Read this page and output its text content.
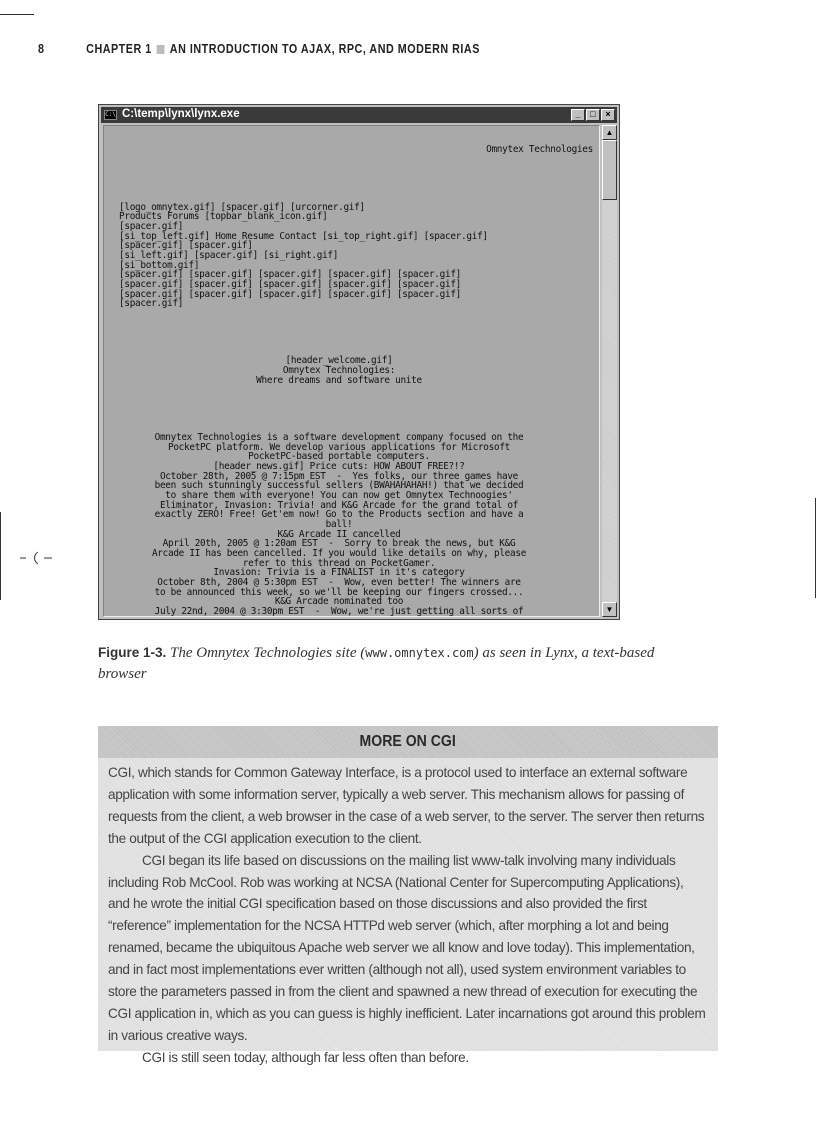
8	CHAPTER 1 AN INTRODUCTION TO AJAX, RPC, AND MODERN RIAS
C:\ C:\temp\lynx\lynx.exe	_	□	×

Omnytex Technologies

[logo_omnytex.gif] [spacer.gif] [urcorner.gif]
Products Forums [topbar_blank_icon.gif]
[spacer.gif]
[si_top_left.gif] Home Resume Contact [si_top_right.gif] [spacer.gif]
[spacer.gif] [spacer.gif]
[si_left.gif] [spacer.gif] [si_right.gif]
[si_bottom.gif]
[spacer.gif] [spacer.gif] [spacer.gif] [spacer.gif] [spacer.gif]
[spacer.gif] [spacer.gif] [spacer.gif] [spacer.gif] [spacer.gif]
[spacer.gif] [spacer.gif] [spacer.gif] [spacer.gif] [spacer.gif]
[spacer.gif]

[header_welcome.gif]
Omnytex Technologies:
Where dreams and software unite

Omnytex Technologies is a software development company focused on the
PocketPC platform. We develop various applications for Microsoft
PocketPC-based portable computers.
[header_news.gif] Price cuts: HOW ABOUT FREE?!?
October 28th, 2005 @ 7:15pm EST  -  Yes folks, our three games have
been such stunningly successful sellers (BWAHAHAHAH!) that we decided
to share them with everyone! You can now get Omnytex Technoogies'
Eliminator, Invasion: Trivia! and K&G Arcade for the grand total of
exactly ZERO! Free! Get'em now! Go to the Products section and have a
ball!
K&G Arcade II cancelled
April 20th, 2005 @ 1:20am EST  -  Sorry to break the news, but K&G
Arcade II has been cancelled. If you would like details on why, please
refer to this thread on PocketGamer.
Invasion: Trivia is a FINALIST in it's category
October 8th, 2004 @ 5:30pm EST  -  Wow, even better! The winners are
to be announced this week, so we'll be keeping our fingers crossed...
K&G Arcade nominated too
July 22nd, 2004 @ 3:30pm EST  -  Wow, we're just getting all sorts of

▲
▼
Figure 1-3. The Omnytex Technologies site (www.omnytex.com) as seen in Lynx, a text-based browser
MORE ON CGI

CGI, which stands for Common Gateway Interface, is a protocol used to interface an external software application with some information server, typically a web server. This mechanism allows for passing of requests from the client, a web browser in the case of a web server, to the server. The server then returns the output of the CGI application execution to the client.

CGI began its life based on discussions on the mailing list www-talk involving many individuals including Rob McCool. Rob was working at NCSA (National Center for Supercomputing Applications), and he wrote the initial CGI specification based on those discussions and also provided the first “reference” implementation for the NCSA HTTPd web server (which, after morphing a lot and being renamed, became the ubiquitous Apache web server we all know and love today). This implementation, and in fact most implementations ever written (although not all), used system environment variables to store the parameters passed in from the client and spawned a new thread of execution for executing the CGI application in, which as you can guess is highly inefficient. Later incarnations got around this problem in various creative ways.

CGI is still seen today, although far less often than before.
